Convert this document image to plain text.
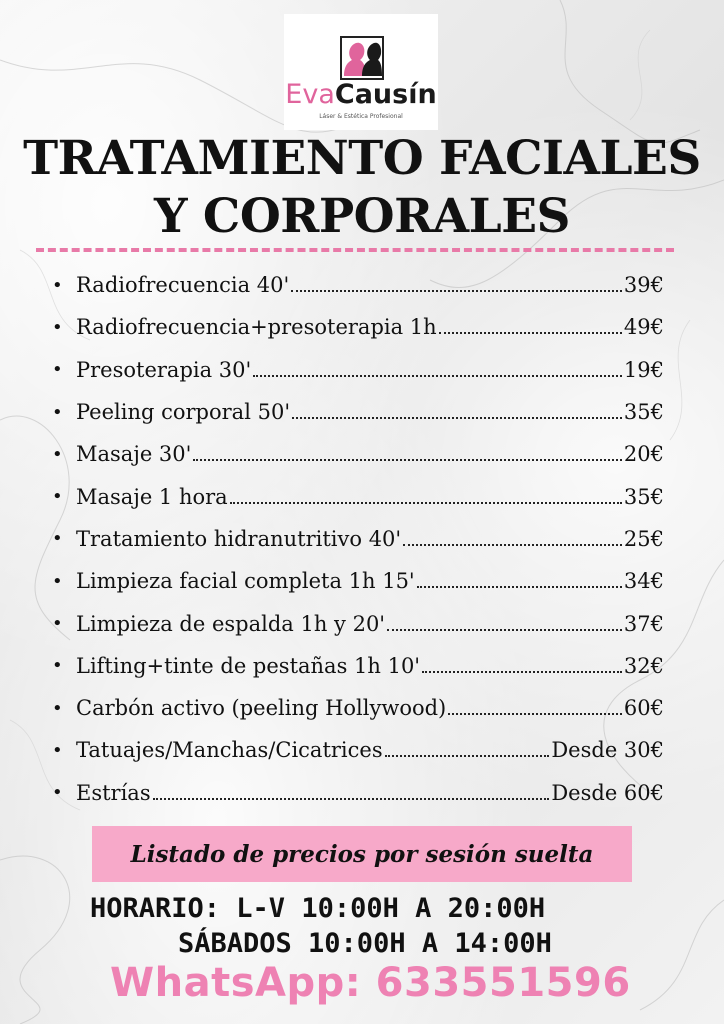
EvaCausín
Láser & Estética Profesional
TRATAMIENTO FACIALES
Y CORPORALES
• Radiofrecuencia 40'	39€
• Radiofrecuencia+presoterapia 1h	49€
• Presoterapia 30'	19€
• Peeling corporal 50'	35€
• Masaje 30'	20€
• Masaje 1 hora	35€
• Tratamiento hidranutritivo 40'	25€
• Limpieza facial completa 1h 15'	34€
• Limpieza de espalda 1h y 20'	37€
• Lifting+tinte de pestañas 1h 10'	32€
• Carbón activo (peeling Hollywood)	60€
• Tatuajes/Manchas/Cicatrices	Desde 30€
• Estrías	Desde 60€
Listado de precios por sesión suelta
HORARIO: L-V 10:00H A 20:00H
SÁBADOS 10:00H A 14:00H
WhatsApp: 633551596
